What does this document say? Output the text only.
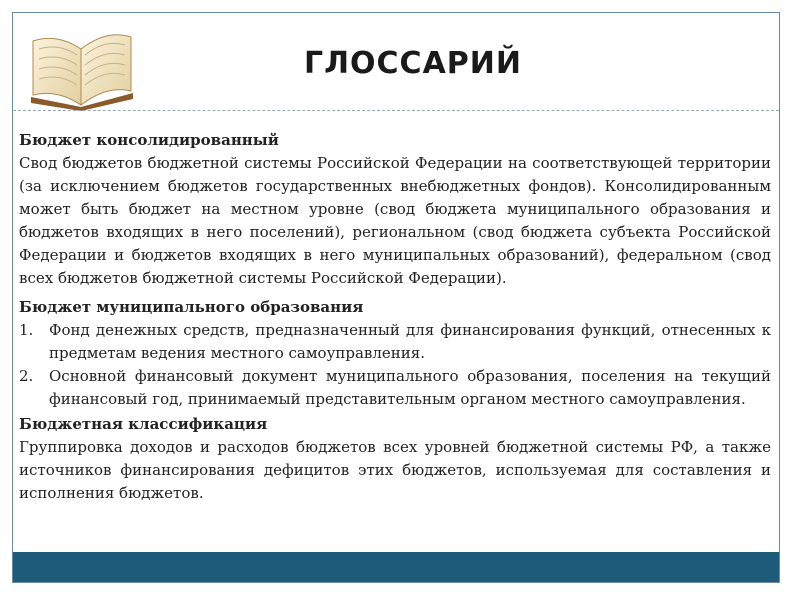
ГЛОССАРИЙ
Бюджет консолидированный
Свод бюджетов бюджетной системы Российской Федерации на соответствующей территории (за исключением бюджетов государственных внебюджетных фондов). Консолидированным может быть бюджет на местном уровне (свод бюджета муниципального образования и бюджетов входящих в него поселений), региональном (свод бюджета субъекта Российской Федерации и бюджетов входящих в него муниципальных образований), федеральном (свод всех бюджетов бюджетной системы Российской Федерации).
Бюджет муниципального образования
1.	Фонд денежных средств, предназначенный для финансирования функций, отнесенных к предметам ведения местного самоуправления.
2.	Основной финансовый документ муниципального образования, поселения на текущий финансовый год, принимаемый представительным органом местного самоуправления.
Бюджетная классификация
Группировка доходов и расходов бюджетов всех уровней бюджетной системы РФ, а также источников финансирования дефицитов этих бюджетов, используемая для составления и исполнения бюджетов.
